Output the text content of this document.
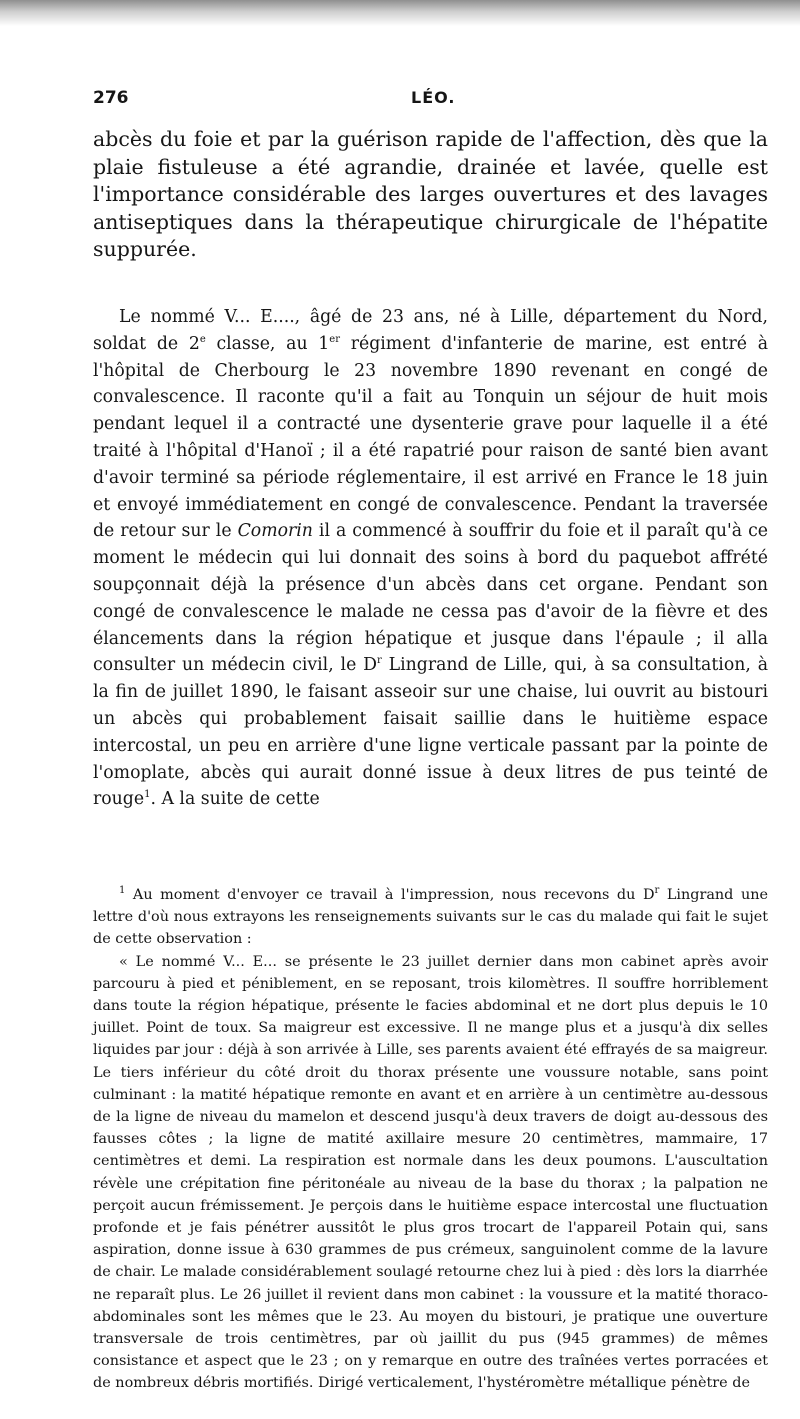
276	LÉO.

abcès du foie et par la guérison rapide de l'affection, dès que la plaie fistuleuse a été agrandie, drainée et lavée, quelle est l'importance considérable des larges ouvertures et des lavages antiseptiques dans la thérapeutique chirurgicale de l'hépatite suppurée.

Le nommé V... E...., âgé de 23 ans, né à Lille, département du Nord, soldat de 2e classe, au 1er régiment d'infanterie de marine, est entré à l'hôpital de Cherbourg le 23 novembre 1890 revenant en congé de convalescence. Il raconte qu'il a fait au Tonquin un séjour de huit mois pendant lequel il a contracté une dysenterie grave pour laquelle il a été traité à l'hôpital d'Hanoï ; il a été rapatrié pour raison de santé bien avant d'avoir terminé sa période réglementaire, il est arrivé en France le 18 juin et envoyé immédiatement en congé de convalescence. Pendant la traversée de retour sur le Comorin il a commencé à souffrir du foie et il paraît qu'à ce moment le médecin qui lui donnait des soins à bord du paquebot affrété soupçonnait déjà la présence d'un abcès dans cet organe. Pendant son congé de convalescence le malade ne cessa pas d'avoir de la fièvre et des élancements dans la région hépatique et jusque dans l'épaule ; il alla consulter un médecin civil, le $D^r$ Lingrand de Lille, qui, à sa consultation, à la fin de juillet 1890, le faisant asseoir sur une chaise, lui ouvrit au bistouri un abcès qui probablement faisait saillie dans le huitième espace intercostal, un peu en arrière d'une ligne verticale passant par la pointe de l'omoplate, abcès qui aurait donné issue à deux litres de pus teinté de rouge$^1$. A la suite de cette

$^1$ Au moment d'envoyer ce travail à l'impression, nous recevons du $D^r$ Lingrand une lettre d'où nous extrayons les renseignements suivants sur le cas du malade qui fait le sujet de cette observation :

« Le nommé V... E... se présente le 23 juillet dernier dans mon cabinet après avoir parcouru à pied et péniblement, en se reposant, trois kilomètres. Il souffre horriblement dans toute la région hépatique, présente le facies abdominal et ne dort plus depuis le 10 juillet. Point de toux. Sa maigreur est excessive. Il ne mange plus et a jusqu'à dix selles liquides par jour : déjà à son arrivée à Lille, ses parents avaient été effrayés de sa maigreur. Le tiers inférieur du côté droit du thorax présente une voussure notable, sans point culminant : la matité hépatique remonte en avant et en arrière à un centimètre au-dessous de la ligne de niveau du mamelon et descend jusqu'à deux travers de doigt au-dessous des fausses côtes ; la ligne de matité axillaire mesure 20 centimètres, mammaire, 17 centimètres et demi. La respiration est normale dans les deux poumons. L'auscultation révèle une crépitation fine péritonéale au niveau de la base du thorax ; la palpation ne perçoit aucun frémissement. Je perçois dans le huitième espace intercostal une fluctuation profonde et je fais pénétrer aussitôt le plus gros trocart de l'appareil Potain qui, sans aspiration, donne issue à 630 grammes de pus crémeux, sanguinolent comme de la lavure de chair. Le malade considérablement soulagé retourne chez lui à pied : dès lors la diarrhée ne reparaît plus. Le 26 juillet il revient dans mon cabinet : la voussure et la matité thoraco-abdominales sont les mêmes que le 23. Au moyen du bistouri, je pratique une ouverture transversale de trois centimètres, par où jaillit du pus (945 grammes) de mêmes consistance et aspect que le 23 ; on y remarque en outre des traînées vertes porracées et de nombreux débris mortifiés. Dirigé verticalement, l'hystéromètre métallique pénètre de
